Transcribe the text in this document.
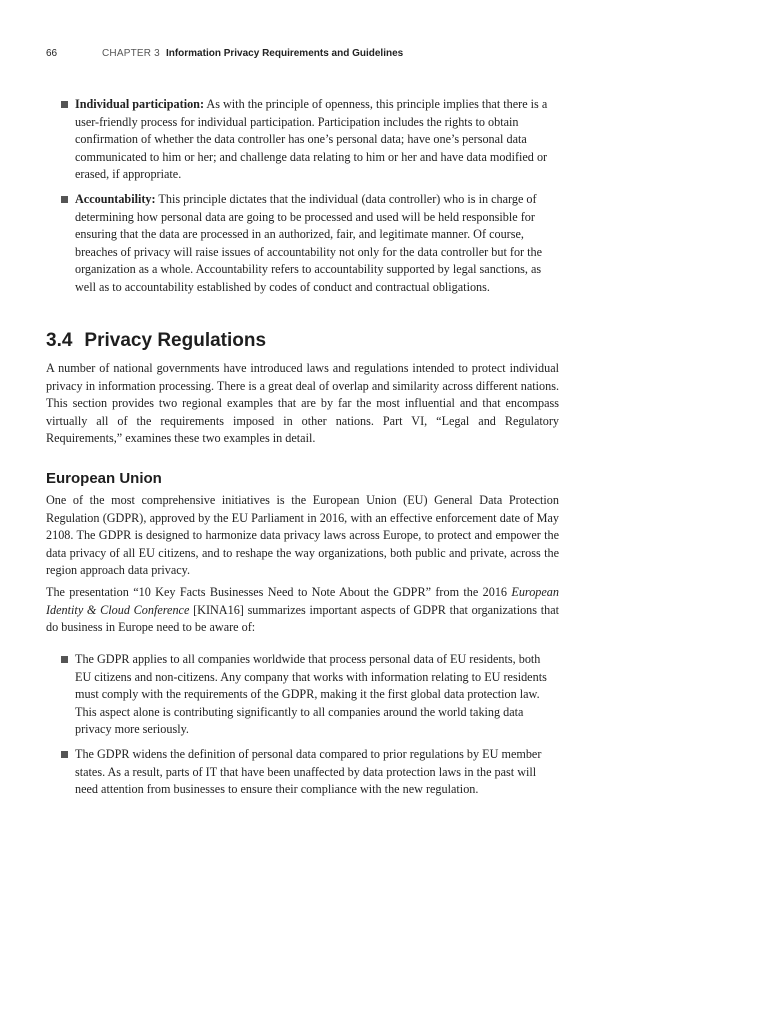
66	CHAPTER 3 Information Privacy Requirements and Guidelines
Individual participation: As with the principle of openness, this principle implies that there is a user-friendly process for individual participation. Participation includes the rights to obtain confirmation of whether the data controller has one’s personal data; have one’s personal data communicated to him or her; and challenge data relating to him or her and have data modified or erased, if appropriate.
Accountability: This principle dictates that the individual (data controller) who is in charge of determining how personal data are going to be processed and used will be held responsible for ensuring that the data are processed in an authorized, fair, and legitimate manner. Of course, breaches of privacy will raise issues of accountability not only for the data controller but for the organization as a whole. Accountability refers to accountability supported by legal sanctions, as well as to accountability established by codes of conduct and contractual obligations.
3.4 Privacy Regulations

A number of national governments have introduced laws and regulations intended to protect individual privacy in information processing. There is a great deal of overlap and similarity across different nations. This section provides two regional examples that are by far the most influential and that encompass virtually all of the requirements imposed in other nations. Part VI, “Legal and Regulatory Requirements,” examines these two examples in detail.

European Union

One of the most comprehensive initiatives is the European Union (EU) General Data Protection Regulation (GDPR), approved by the EU Parliament in 2016, with an effective enforcement date of May 2108. The GDPR is designed to harmonize data privacy laws across Europe, to protect and empower the data privacy of all EU citizens, and to reshape the way organizations, both public and private, across the region approach data privacy.

The presentation “10 Key Facts Businesses Need to Note About the GDPR” from the 2016 European Identity & Cloud Conference [KINA16] summarizes important aspects of GDPR that organizations that do business in Europe need to be aware of:

The GDPR applies to all companies worldwide that process personal data of EU residents, both EU citizens and non-citizens. Any company that works with information relating to EU residents must comply with the requirements of the GDPR, making it the first global data protection law. This aspect alone is contributing significantly to all companies around the world taking data privacy more seriously.
The GDPR widens the definition of personal data compared to prior regulations by EU member states. As a result, parts of IT that have been unaffected by data protection laws in the past will need attention from businesses to ensure their compliance with the new regulation.
